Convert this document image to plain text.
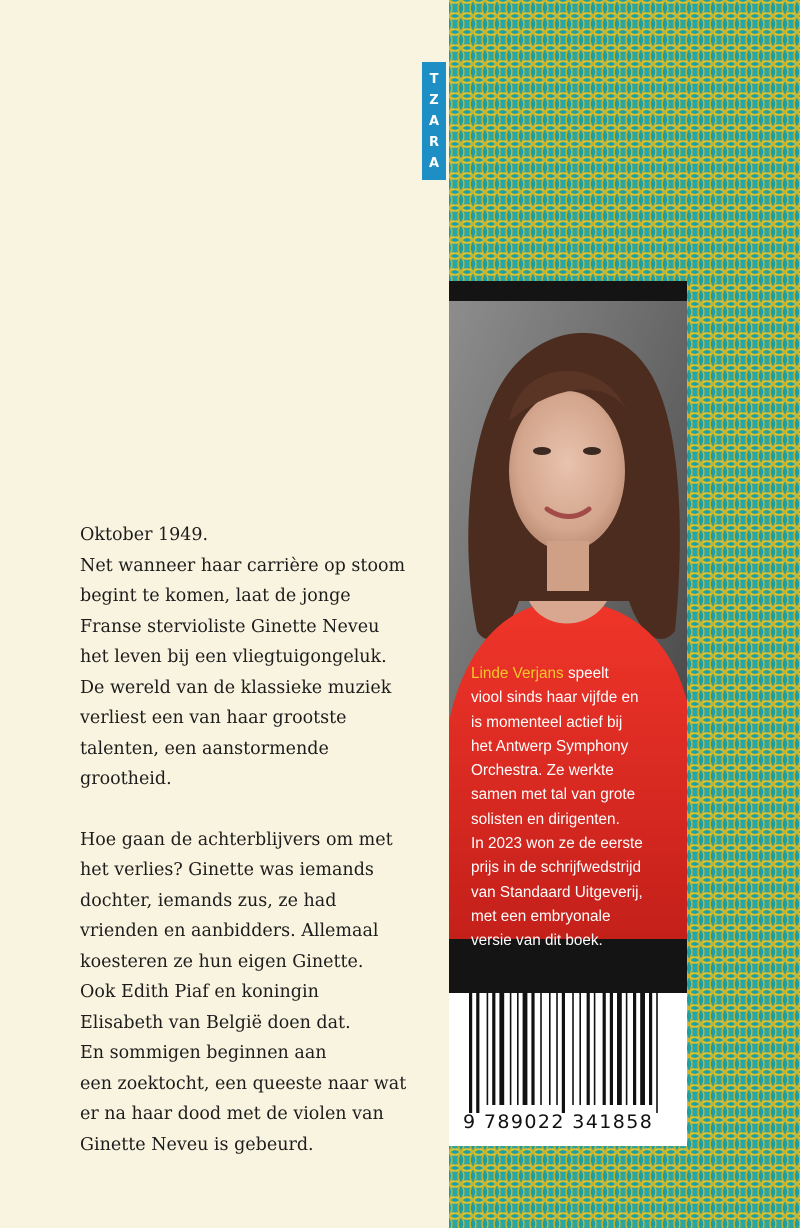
Oktober 1949.
Net wanneer haar carrière op stoom
begint te komen, laat de jonge
Franse stervioliste Ginette Neveu
het leven bij een vliegtuigongeluk.
De wereld van de klassieke muziek
verliest een van haar grootste
talenten, een aanstormende
grootheid.

Hoe gaan de achterblijvers om met
het verlies? Ginette was iemands
dochter, iemands zus, ze had
vrienden en aanbidders. Allemaal
koesteren ze hun eigen Ginette.
Ook Edith Piaf en koningin
Elisabeth van België doen dat.
En sommigen beginnen aan
een zoektocht, een queeste naar wat
er na haar dood met de violen van
Ginette Neveu is gebeurd.

T
Z
A
R
A

Linde Verjans speelt

viool sinds haar vijfde en

is momenteel actief bij

het Antwerp Symphony

Orchestra. Ze werkte

samen met tal van grote

solisten en dirigenten.

In 2023 won ze de eerste

prijs in de schrijfwedstrijd

van Standaard Uitgeverij,

met een embryonale

versie van dit boek.

9 789022 341858
